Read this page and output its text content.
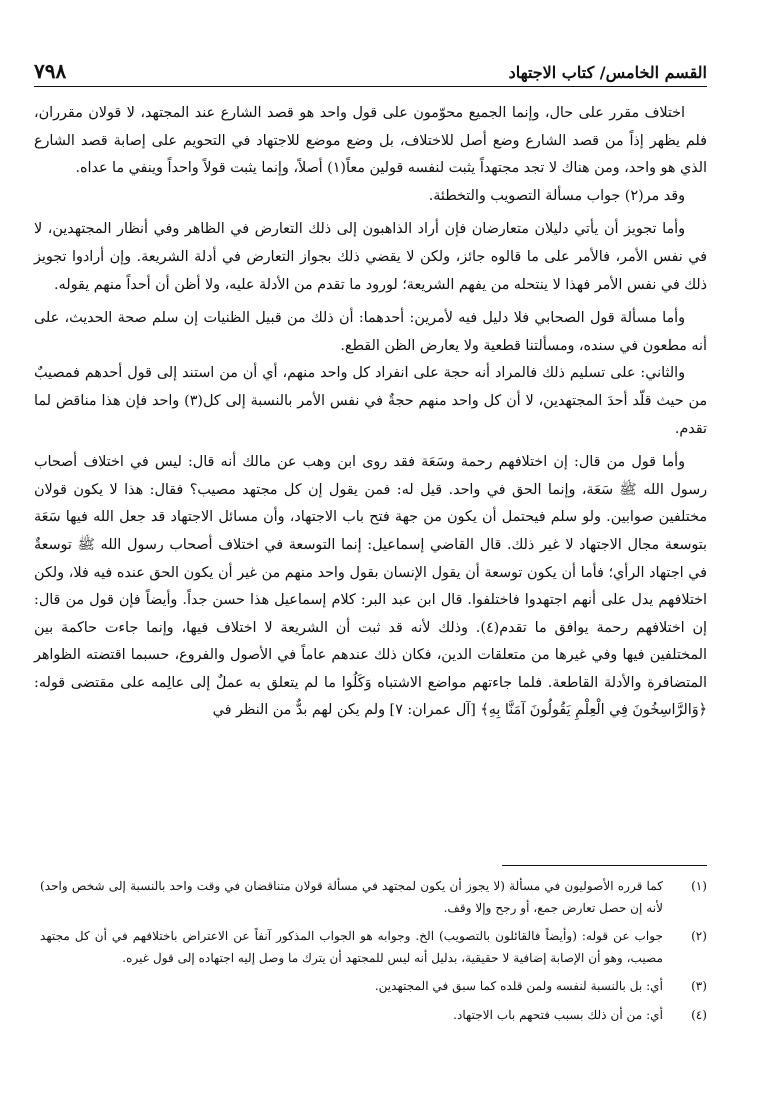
القسم الخامس/ كتاب الاجتهاد
٧٩٨

اختلاف مقرر على حال، وإنما الجميع محوّمون على قول واحد هو قصد الشارع عند المجتهد، لا قولان مقرران، فلم يظهر إذاً من قصد الشارع وضع أصل للاختلاف، بل وضع موضع للاجتهاد في التحويم على إصابة قصد الشارع الذي هو واحد، ومن هناك لا تجد مجتهداً يثبت لنفسه قولين معاً(١) أصلاً، وإنما يثبت قولاً واحداً وينفي ما عداه.

وقد مر(٢) جواب مسألة التصويب والتخطئة.

وأما تجويز أن يأتي دليلان متعارضان فإن أراد الذاهبون إلى ذلك التعارض في الظاهر وفي أنظار المجتهدين، لا في نفس الأمر، فالأمر على ما قالوه جائز، ولكن لا يقضي ذلك بجواز التعارض في أدلة الشريعة. وإن أرادوا تجويز ذلك في نفس الأمر فهذا لا ينتحله من يفهم الشريعة؛ لورود ما تقدم من الأدلة عليه، ولا أظن أن أحداً منهم يقوله.

وأما مسألة قول الصحابي فلا دليل فيه لأمرين: أحدهما: أن ذلك من قبيل الظنيات إن سلم صحة الحديث، على أنه مطعون في سنده، ومسألتنا قطعية ولا يعارض الظن القطع.

والثاني: على تسليم ذلك فالمراد أنه حجة على انفراد كل واحد منهم، أي أن من استند إلى قول أحدهم فمصيبٌ من حيث قلّد أحدَ المجتهدين، لا أن كل واحد منهم حجةٌ في نفس الأمر بالنسبة إلى كل(٣) واحد فإن هذا مناقض لما تقدم.

وأما قول من قال: إن اختلافهم رحمة وسَعَة فقد روى ابن وهب عن مالك أنه قال: ليس في اختلاف أصحاب رسول الله ﷺ سَعَة، وإنما الحق في واحد. قيل له: فمن يقول إن كل مجتهد مصيب؟ فقال: هذا لا يكون قولان مختلفين صوابين. ولو سلم فيحتمل أن يكون من جهة فتح باب الاجتهاد، وأن مسائل الاجتهاد قد جعل الله فيها سَعَة بتوسعة مجال الاجتهاد لا غير ذلك. قال القاضي إسماعيل: إنما التوسعة في اختلاف أصحاب رسول الله ﷺ توسعةٌ في اجتهاد الرأي؛ فأما أن يكون توسعة أن يقول الإنسان بقول واحد منهم من غير أن يكون الحق عنده فيه فلا، ولكن اختلافهم يدل على أنهم اجتهدوا فاختلفوا. قال ابن عبد البر: كلام إسماعيل هذا حسن جداً. وأيضاً فإن قول من قال: إن اختلافهم رحمة يوافق ما تقدم(٤). وذلك لأنه قد ثبت أن الشريعة لا اختلاف فيها، وإنما جاءت حاكمة بين المختلفين فيها وفي غيرها من متعلقات الدين، فكان ذلك عندهم عاماً في الأصول والفروع، حسبما اقتضته الظواهر المتضافرة والأدلة القاطعة. فلما جاءتهم مواضع الاشتباه وَكَلُوا ما لم يتعلق به عملٌ إلى عالِمه على مقتضى قوله: ﴿وَالرَّاسِخُونَ فِي الْعِلْمِ يَقُولُونَ آمَنَّا بِهِ﴾ [آل عمران: ٧] ولم يكن لهم بدٌّ من النظر في

(١)
كما قرره الأصوليون في مسألة (لا يجوز أن يكون لمجتهد في مسألة قولان متناقضان في وقت واحد بالنسبة إلى شخص واحد) لأنه إن حصل تعارض جمع، أو رجح وإلا وقف.
(٢)
جواب عن قوله: (وأيضاً فالقائلون بالتصويب) الخ. وجوابه هو الجواب المذكور آنفاً عن الاعتراض باختلافهم في أن كل مجتهد مصيب، وهو أن الإصابة إضافية لا حقيقية، بدليل أنه ليس للمجتهد أن يترك ما وصل إليه اجتهاده إلى قول غيره.
(٣)
أي: بل بالنسبة لنفسه ولمن قلده كما سبق في المجتهدين.
(٤)
أي: من أن ذلك بسبب فتحهم باب الاجتهاد.
